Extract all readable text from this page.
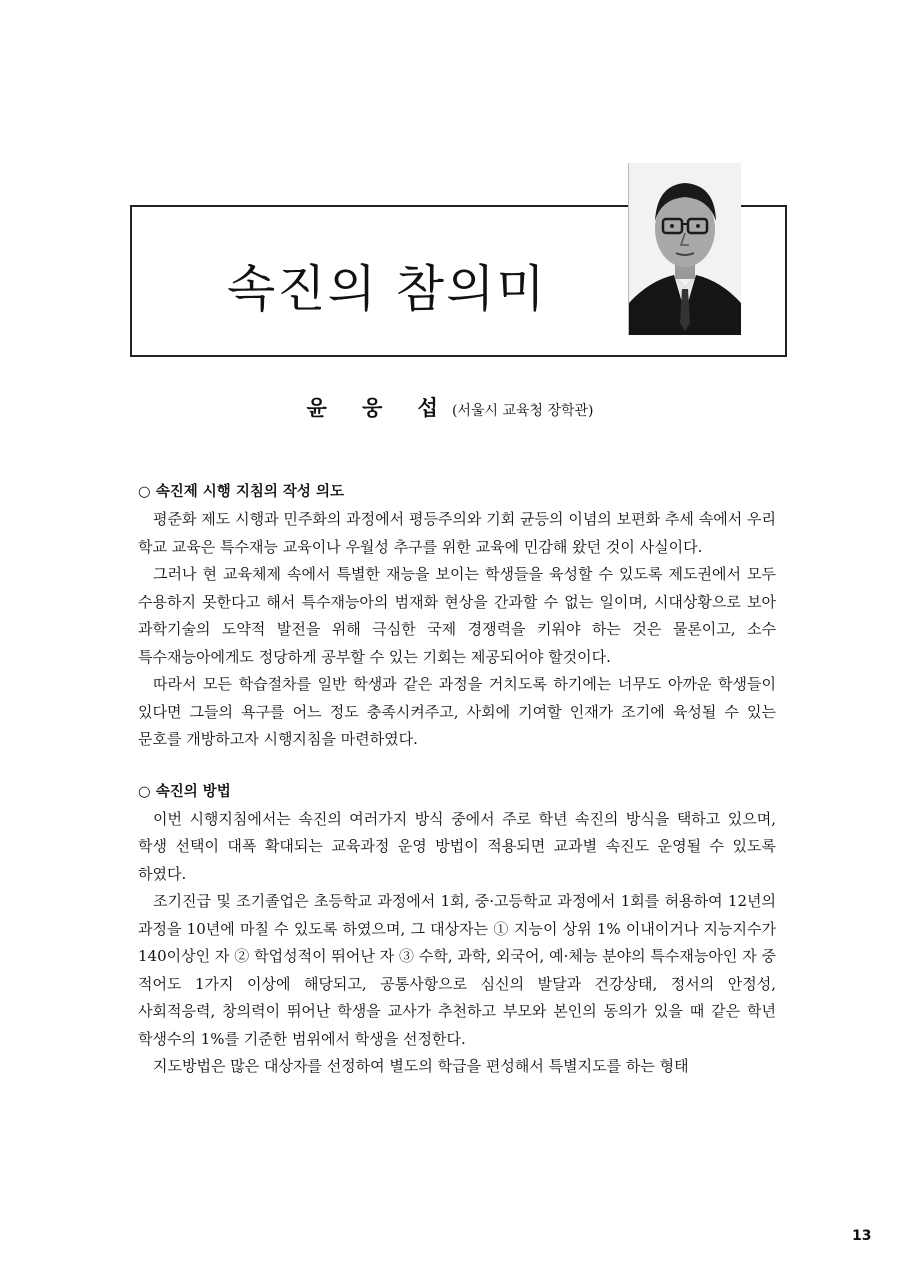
속진의 참의미
윤 웅 섭(서울시 교육청 장학관)

○ 속진제 시행 지침의 작성 의도

평준화 제도 시행과 민주화의 과정에서 평등주의와 기회 균등의 이념의 보편화 추세 속에서 우리 학교 교육은 특수재능 교육이나 우월성 추구를 위한 교육에 민감해 왔던 것이 사실이다.

그러나 현 교육체제 속에서 특별한 재능을 보이는 학생들을 육성할 수 있도록 제도권에서 모두 수용하지 못한다고 해서 특수재능아의 범재화 현상을 간과할 수 없는 일이며, 시대상황으로 보아 과학기술의 도약적 발전을 위해 극심한 국제 경쟁력을 키워야 하는 것은 물론이고, 소수 특수재능아에게도 정당하게 공부할 수 있는 기회는 제공되어야 할것이다.

따라서 모든 학습절차를 일반 학생과 같은 과정을 거치도록 하기에는 너무도 아까운 학생들이 있다면 그들의 욕구를 어느 정도 충족시켜주고, 사회에 기여할 인재가 조기에 육성될 수 있는 문호를 개방하고자 시행지침을 마련하였다.

○ 속진의 방법

이번 시행지침에서는 속진의 여러가지 방식 중에서 주로 학년 속진의 방식을 택하고 있으며, 학생 선택이 대폭 확대되는 교육과정 운영 방법이 적용되면 교과별 속진도 운영될 수 있도록 하였다.

조기진급 및 조기졸업은 초등학교 과정에서 1회, 중·고등학교 과정에서 1회를 허용하여 12년의 과정을 10년에 마칠 수 있도록 하였으며, 그 대상자는 ① 지능이 상위 1% 이내이거나 지능지수가 140이상인 자 ② 학업성적이 뛰어난 자 ③ 수학, 과학, 외국어, 예·체능 분야의 특수재능아인 자 중 적어도 1가지 이상에 해당되고, 공통사항으로 심신의 발달과 건강상태, 정서의 안정성, 사회적응력, 창의력이 뛰어난 학생을 교사가 추천하고 부모와 본인의 동의가 있을 때 같은 학년 학생수의 1%를 기준한 범위에서 학생을 선정한다.

지도방법은 많은 대상자를 선정하여 별도의 학급을 편성해서 특별지도를 하는 형태

13
